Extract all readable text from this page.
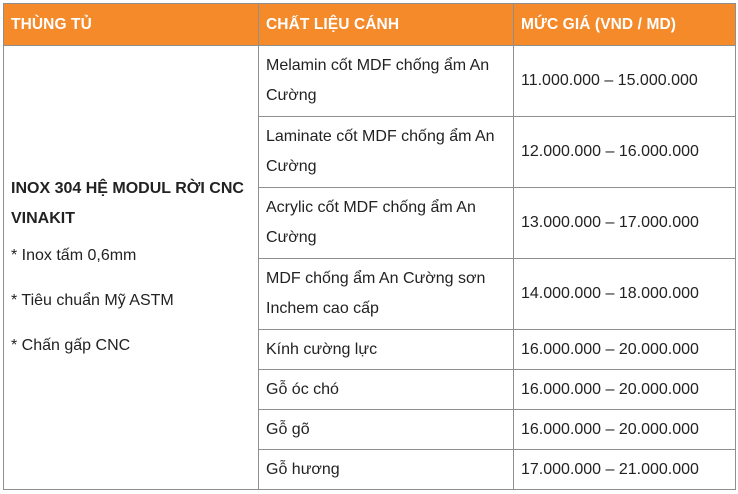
THÙNG TỦ	CHẤT LIỆU CÁNH	MỨC GIÁ (VND / MD)

INOX 304 HỆ MODUL RỜI CNC VINAKIT
* Inox tấm 0,6mm
* Tiêu chuẩn Mỹ ASTM
* Chấn gấp CNC	Melamin cốt MDF chống ẩm An Cường	11.000.000 – 15.000.000
	Laminate cốt MDF chống ẩm An Cường	12.000.000 – 16.000.000
	Acrylic cốt MDF chống ẩm An Cường	13.000.000 – 17.000.000
	MDF chống ẩm An Cường sơn Inchem cao cấp	14.000.000 – 18.000.000
	Kính cường lực	16.000.000 – 20.000.000
	Gỗ óc chó	16.000.000 – 20.000.000
	Gỗ gõ	16.000.000 – 20.000.000
	Gỗ hương	17.000.000 – 21.000.000
